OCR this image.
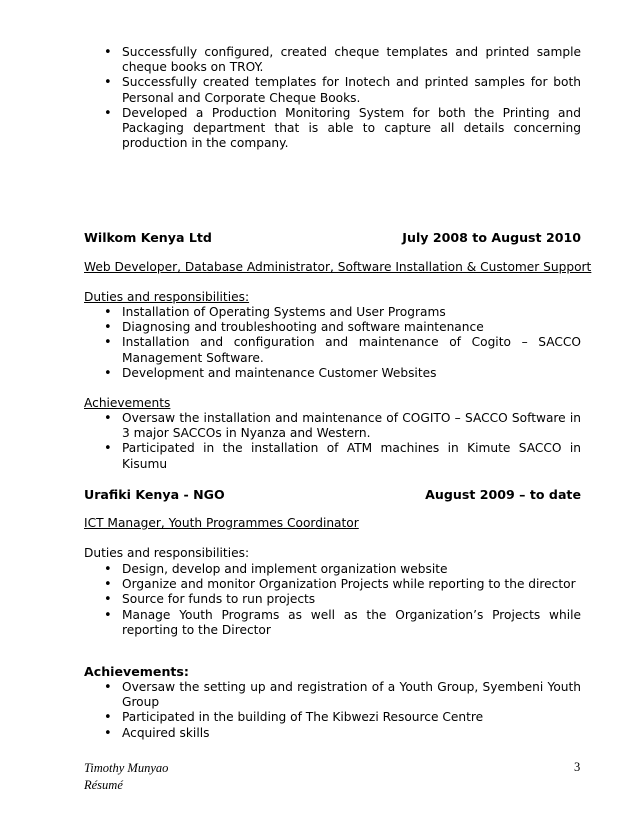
• Successfully configured, created cheque templates and printed sample cheque books on TROY.
• Successfully created templates for Inotech and printed samples for both Personal and Corporate Cheque Books.
• Developed a Production Monitoring System for both the Printing and Packaging department that is able to capture all details concerning production in the company.
Wilkom Kenya Ltd	July 2008 to August 2010
Web Developer, Database Administrator, Software Installation & Customer Support
Duties and responsibilities:
• Installation of Operating Systems and User Programs
• Diagnosing and troubleshooting and software maintenance
• Installation and configuration and maintenance of Cogito – SACCO Management Software.
• Development and maintenance Customer Websites
Achievements
• Oversaw the installation and maintenance of COGITO – SACCO Software in 3 major SACCOs in Nyanza and Western.
• Participated in the installation of ATM machines in Kimute SACCO in Kisumu
Urafiki Kenya - NGO	August 2009 – to date
ICT Manager, Youth Programmes Coordinator
Duties and responsibilities:
• Design, develop and implement organization website
• Organize and monitor Organization Projects while reporting to the director
• Source for funds to run projects
• Manage Youth Programs as well as the Organization’s Projects while reporting to the Director
Achievements:
• Oversaw the setting up and registration of a Youth Group, Syembeni Youth Group
• Participated in the building of The Kibwezi Resource Centre
• Acquired skills
Timothy Munyao
Résumé
3
